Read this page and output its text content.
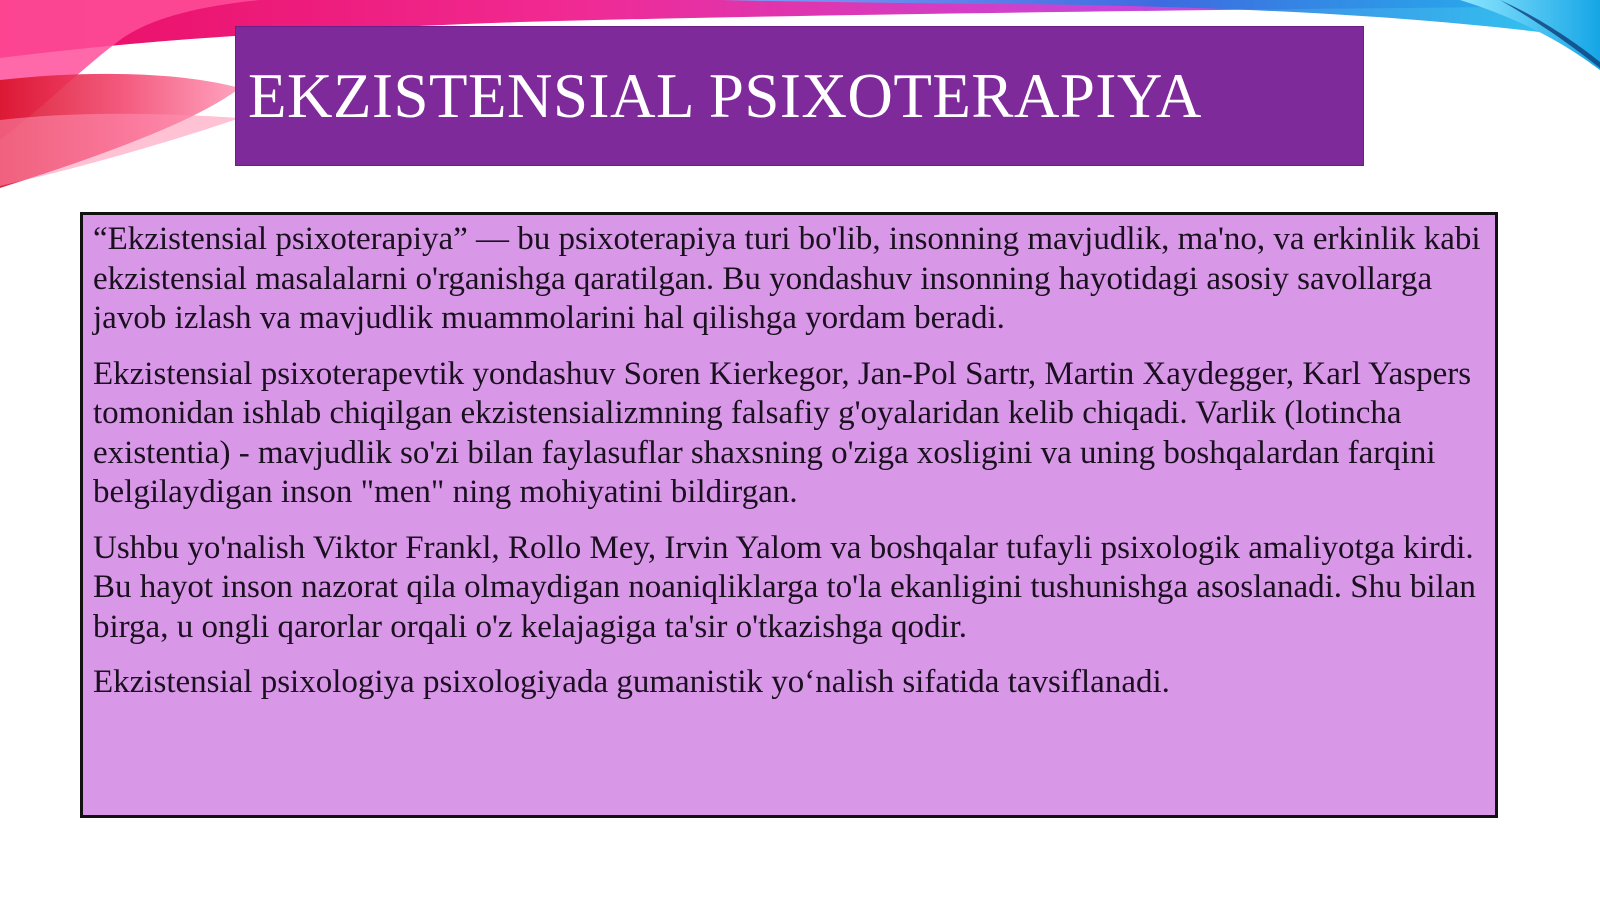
EKZISTENSIAL PSIXOTERAPIYA

“Ekzistensial psixoterapiya” — bu psixoterapiya turi bo'lib, insonning mavjudlik, ma'no, va erkinlik kabi ekzistensial masalalarni o'rganishga qaratilgan. Bu yondashuv insonning hayotidagi asosiy savollarga javob izlash va mavjudlik muammolarini hal qilishga yordam beradi.

Ekzistensial psixoterapevtik yondashuv Soren Kierkegor, Jan-Pol Sartr, Martin Xaydegger, Karl Yaspers tomonidan ishlab chiqilgan ekzistensializmning falsafiy g'oyalaridan kelib chiqadi. Varlik (lotincha existentia) - mavjudlik so'zi bilan faylasuflar shaxsning o'ziga xosligini va uning boshqalardan farqini belgilaydigan inson "men" ning mohiyatini bildirgan.

Ushbu yo'nalish Viktor Frankl, Rollo Mey, Irvin Yalom va boshqalar tufayli psixologik amaliyotga kirdi. Bu hayot inson nazorat qila olmaydigan noaniqliklarga to'la ekanligini tushunishga asoslanadi. Shu bilan birga, u ongli qarorlar orqali o'z kelajagiga ta'sir o'tkazishga qodir.

Ekzistensial psixologiya psixologiyada gumanistik yo‘nalish sifatida tavsiflanadi.
